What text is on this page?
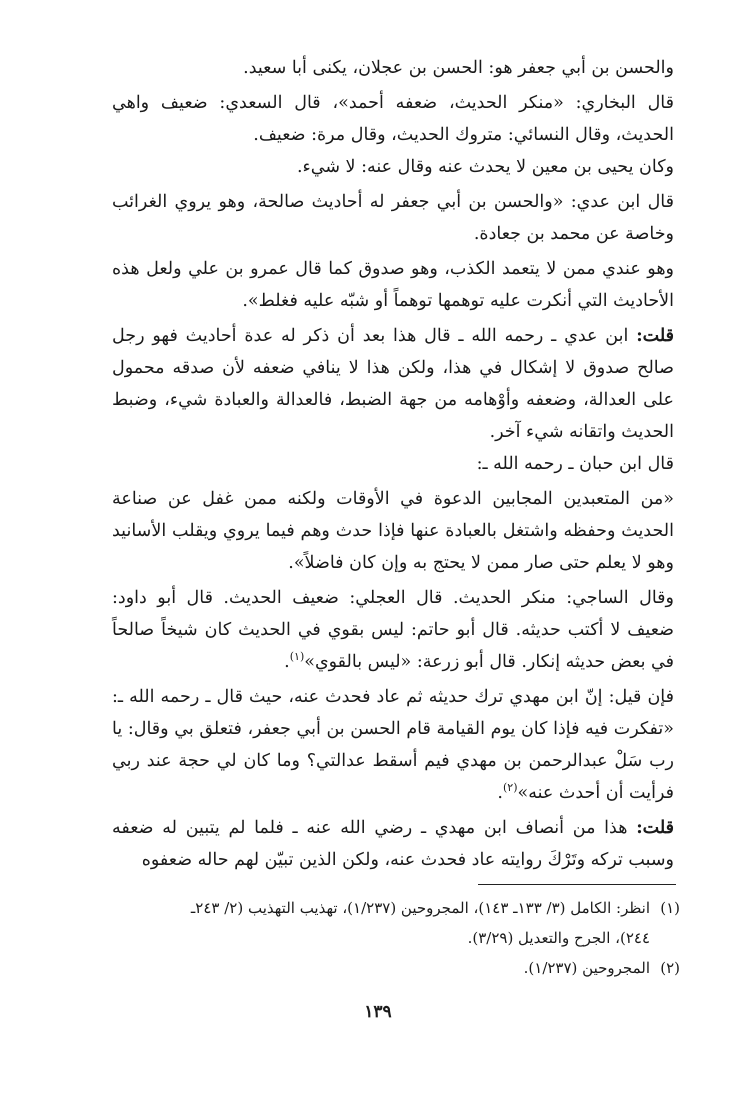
والحسن بن أبي جعفر هو: الحسن بن عجلان، يكنى أبا سعيد.

قال البخاري: «منكر الحديث، ضعفه أحمد»، قال السعدي: ضعيف واهي الحديث، وقال النسائي: متروك الحديث، وقال مرة: ضعيف.

وكان يحيى بن معين لا يحدث عنه وقال عنه: لا شيء.

قال ابن عدي: «والحسن بن أبي جعفر له أحاديث صالحة، وهو يروي الغرائب وخاصة عن محمد بن جعادة.

وهو عندي ممن لا يتعمد الكذب، وهو صدوق كما قال عمرو بن علي ولعل هذه الأحاديث التي أنكرت عليه توهمها توهماً أو شبّه عليه فغلط».

قلت: ابن عدي ـ رحمه الله ـ قال هذا بعد أن ذكر له عدة أحاديث فهو رجل صالح صدوق لا إشكال في هذا، ولكن هذا لا ينافي ضعفه لأن صدقه محمول على العدالة، وضعفه وأوْهامه من جهة الضبط، فالعدالة والعبادة شيء، وضبط الحديث واتقانه شيء آخر.

قال ابن حبان ـ رحمه الله ـ:

«من المتعبدين المجابين الدعوة في الأوقات ولكنه ممن غفل عن صناعة الحديث وحفظه واشتغل بالعبادة عنها فإذا حدث وهم فيما يروي ويقلب الأسانيد وهو لا يعلم حتى صار ممن لا يحتج به وإن كان فاضلاً».

وقال الساجي: منكر الحديث. قال العجلي: ضعيف الحديث. قال أبو داود: ضعيف لا أكتب حديثه. قال أبو حاتم: ليس بقوي في الحديث كان شيخاً صالحاً في بعض حديثه إنكار. قال أبو زرعة: «ليس بالقوي»$^{(١)}$.

فإن قيل: إنّ ابن مهدي ترك حديثه ثم عاد فحدث عنه، حيث قال ـ رحمه الله ـ: «تفكرت فيه فإذا كان يوم القيامة قام الحسن بن أبي جعفر، فتعلق بي وقال: يا رب سَلْ عبدالرحمن بن مهدي فيم أسقط عدالتي؟ وما كان لي حجة عند ربي فرأيت أن أحدث عنه»$^{(٢)}$.

قلت: هذا من أنصاف ابن مهدي ـ رضي الله عنه ـ فلما لم يتبين له ضعفه وسبب تركه وتَرْكَ روايته عاد فحدث عنه، ولكن الذين تبيّن لهم حاله ضعفوه

(١)انظر: الكامل (٣/ ١٣٣ـ ١٤٣)، المجروحين (١/٢٣٧)، تهذيب التهذيب (٢/ ٢٤٣ـ

٢٤٤)، الجرح والتعديل (٣/٢٩).

(٢)المجروحين (١/٢٣٧).

١٣٩
